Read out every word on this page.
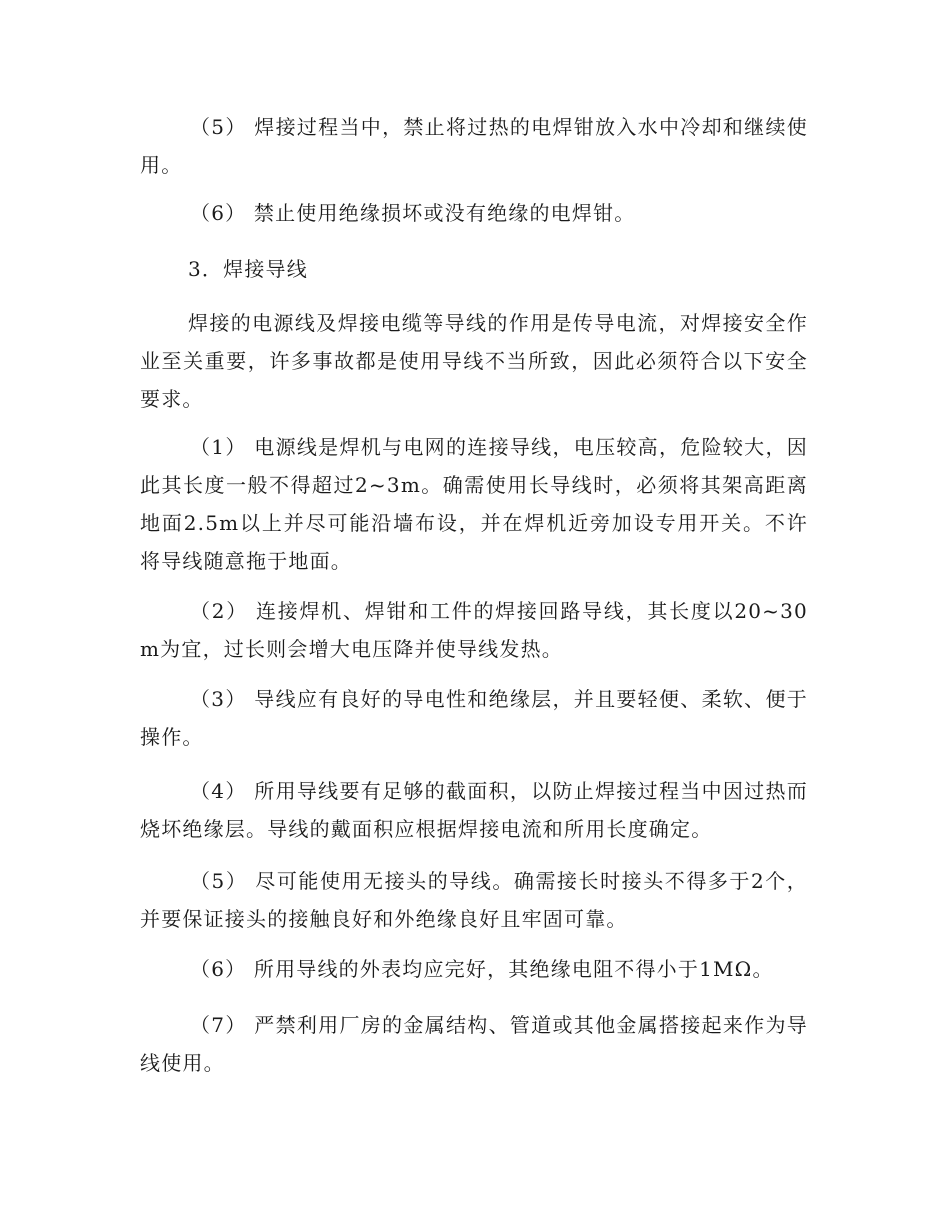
（5） 焊接过程当中，禁止将过热的电焊钳放入水中冷却和继续使用。

（6） 禁止使用绝缘损坏或没有绝缘的电焊钳。

3．焊接导线

焊接的电源线及焊接电缆等导线的作用是传导电流，对焊接安全作业至关重要，许多事故都是使用导线不当所致，因此必须符合以下安全要求。

（1） 电源线是焊机与电网的连接导线，电压较高，危险较大，因此其长度一般不得超过2~3m。确需使用长导线时，必须将其架高距离地面2.5m以上并尽可能沿墙布设，并在焊机近旁加设专用开关。不许将导线随意拖于地面。

（2） 连接焊机、焊钳和工件的焊接回路导线，其长度以20~30m为宜，过长则会增大电压降并使导线发热。

（3） 导线应有良好的导电性和绝缘层，并且要轻便、柔软、便于操作。

（4） 所用导线要有足够的截面积，以防止焊接过程当中因过热而烧坏绝缘层。导线的戴面积应根据焊接电流和所用长度确定。

（5） 尽可能使用无接头的导线。确需接长时接头不得多于2个，并要保证接头的接触良好和外绝缘良好且牢固可靠。

（6） 所用导线的外表均应完好，其绝缘电阻不得小于1MΩ。

（7） 严禁利用厂房的金属结构、管道或其他金属搭接起来作为导线使用。
